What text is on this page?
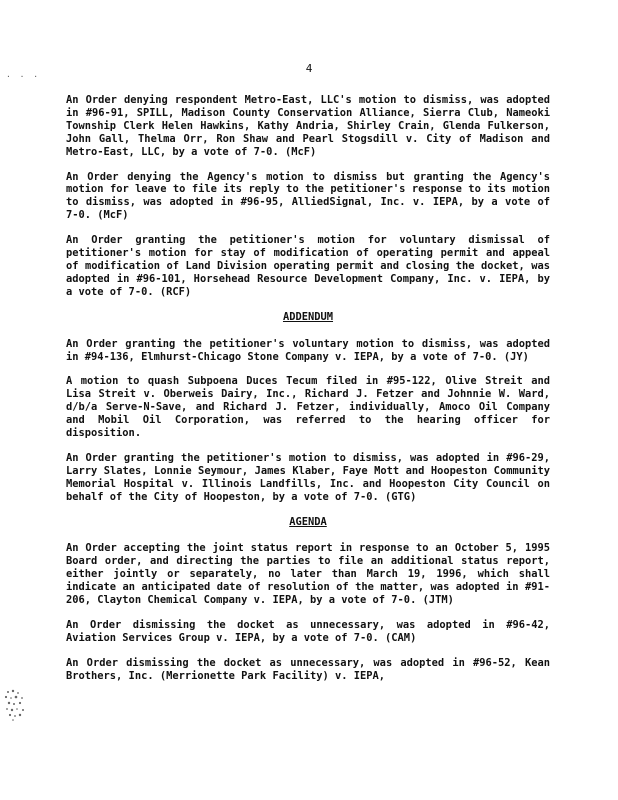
. . .	4

An Order denying respondent Metro-East, LLC's motion to dismiss, was adopted in #96-91, SPILL, Madison County Conservation Alliance, Sierra Club, Nameoki Township Clerk Helen Hawkins, Kathy Andria, Shirley Crain, Glenda Fulkerson, John Gall, Thelma Orr, Ron Shaw and Pearl Stogsdill v. City of Madison and Metro-East, LLC, by a vote of 7-0. (McF)

An Order denying the Agency's motion to dismiss but granting the Agency's motion for leave to file its reply to the petitioner's response to its motion to dismiss, was adopted in #96-95, AlliedSignal, Inc. v. IEPA, by a vote of 7-0. (McF)

An Order granting the petitioner's motion for voluntary dismissal of petitioner's motion for stay of modification of operating permit and appeal of modification of Land Division operating permit and closing the docket, was adopted in #96-101, Horsehead Resource Development Company, Inc. v. IEPA, by a vote of 7-0. (RCF)

ADDENDUM

An Order granting the petitioner's voluntary motion to dismiss, was adopted in #94-136, Elmhurst-Chicago Stone Company v. IEPA, by a vote of 7-0. (JY)

A motion to quash Subpoena Duces Tecum filed in #95-122, Olive Streit and Lisa Streit v. Oberweis Dairy, Inc., Richard J. Fetzer and Johnnie W. Ward, d/b/a Serve-N-Save, and Richard J. Fetzer, individually, Amoco Oil Company and Mobil Oil Corporation, was referred to the hearing officer for disposition.

An Order granting the petitioner's motion to dismiss, was adopted in #96-29, Larry Slates, Lonnie Seymour, James Klaber, Faye Mott and Hoopeston Community Memorial Hospital v. Illinois Landfills, Inc. and Hoopeston City Council on behalf of the City of Hoopeston, by a vote of 7-0. (GTG)

AGENDA

An Order accepting the joint status report in response to an October 5, 1995 Board order, and directing the parties to file an additional status report, either jointly or separately, no later than March 19, 1996, which shall indicate an anticipated date of resolution of the matter, was adopted in #91-206, Clayton Chemical Company v. IEPA, by a vote of 7-0. (JTM)

An Order dismissing the docket as unnecessary, was adopted in #96-42, Aviation Services Group v. IEPA, by a vote of 7-0. (CAM)

An Order dismissing the docket as unnecessary, was adopted in #96-52, Kean Brothers, Inc. (Merrionette Park Facility) v. IEPA,
